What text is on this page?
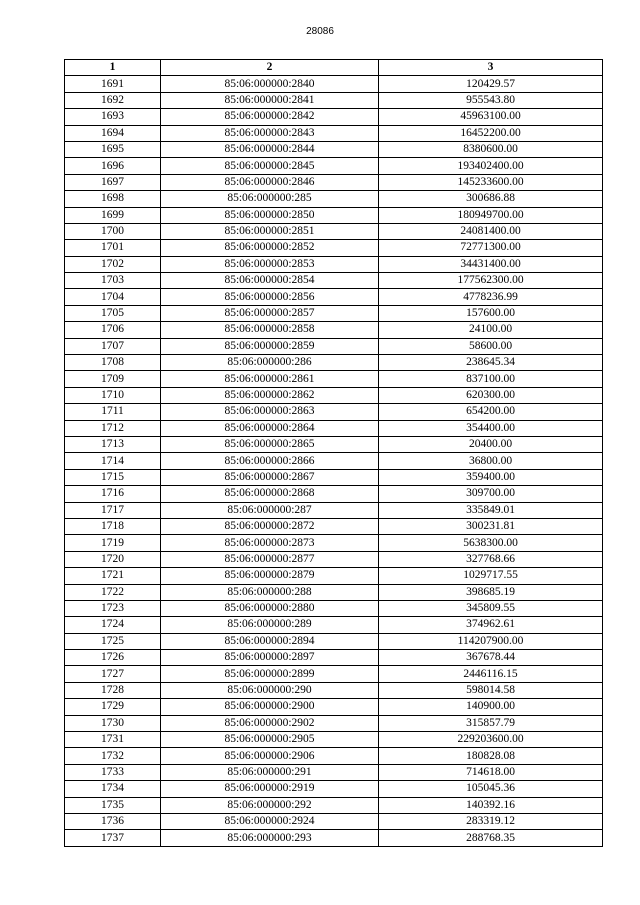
28086
1	2	3
1691	85:06:000000:2840	120429.57
1692	85:06:000000:2841	955543.80
1693	85:06:000000:2842	45963100.00
1694	85:06:000000:2843	16452200.00
1695	85:06:000000:2844	8380600.00
1696	85:06:000000:2845	193402400.00
1697	85:06:000000:2846	145233600.00
1698	85:06:000000:285	300686.88
1699	85:06:000000:2850	180949700.00
1700	85:06:000000:2851	24081400.00
1701	85:06:000000:2852	72771300.00
1702	85:06:000000:2853	34431400.00
1703	85:06:000000:2854	177562300.00
1704	85:06:000000:2856	4778236.99
1705	85:06:000000:2857	157600.00
1706	85:06:000000:2858	24100.00
1707	85:06:000000:2859	58600.00
1708	85:06:000000:286	238645.34
1709	85:06:000000:2861	837100.00
1710	85:06:000000:2862	620300.00
1711	85:06:000000:2863	654200.00
1712	85:06:000000:2864	354400.00
1713	85:06:000000:2865	20400.00
1714	85:06:000000:2866	36800.00
1715	85:06:000000:2867	359400.00
1716	85:06:000000:2868	309700.00
1717	85:06:000000:287	335849.01
1718	85:06:000000:2872	300231.81
1719	85:06:000000:2873	5638300.00
1720	85:06:000000:2877	327768.66
1721	85:06:000000:2879	1029717.55
1722	85:06:000000:288	398685.19
1723	85:06:000000:2880	345809.55
1724	85:06:000000:289	374962.61
1725	85:06:000000:2894	114207900.00
1726	85:06:000000:2897	367678.44
1727	85:06:000000:2899	2446116.15
1728	85:06:000000:290	598014.58
1729	85:06:000000:2900	140900.00
1730	85:06:000000:2902	315857.79
1731	85:06:000000:2905	229203600.00
1732	85:06:000000:2906	180828.08
1733	85:06:000000:291	714618.00
1734	85:06:000000:2919	105045.36
1735	85:06:000000:292	140392.16
1736	85:06:000000:2924	283319.12
1737	85:06:000000:293	288768.35
